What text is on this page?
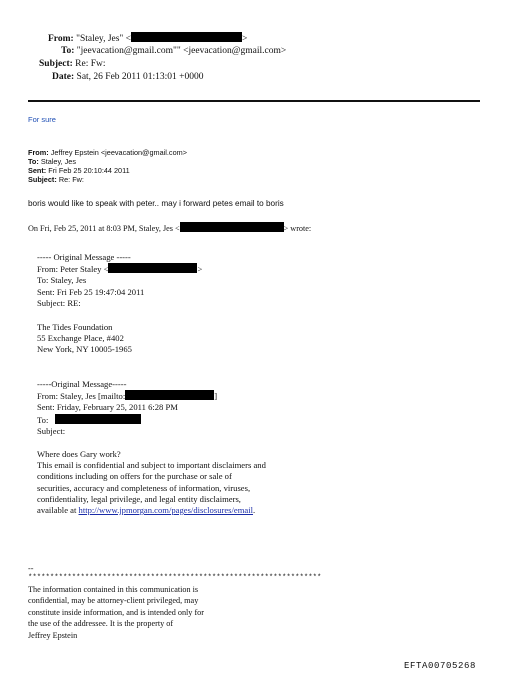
From: "Staley, Jes" <	>
To: "jeevacation@gmail.com"" <jeevacation@gmail.com>
Subject: Re: Fw:
Date: Sat, 26 Feb 2011 01:13:01 +0000
For sure
From: Jeffrey Epstein <jeevacation@gmail.com>
To: Staley, Jes
Sent: Fri Feb 25 20:10:44 2011
Subject: Re: Fw:
boris would like to speak with peter.. may i forward petes email to boris
On Fri, Feb 25, 2011 at 8:03 PM, Staley, Jes <	> wrote:
----- Original Message -----
From: Peter Staley <	>
To: Staley, Jes
Sent: Fri Feb 25 19:47:04 2011
Subject: RE:
The Tides Foundation
55 Exchange Place, #402
New York, NY 10005-1965
-----Original Message-----
From: Staley, Jes [mailto:	]
Sent: Friday, February 25, 2011 6:28 PM
To:
Subject:
Where does Gary work?
This email is confidential and subject to important disclaimers and
conditions including on offers for the purchase or sale of
securities, accuracy and completeness of information, viruses,
confidentiality, legal privilege, and legal entity disclaimers,
available at http://www.jpmorgan.com/pages/disclosures/email.
--
*******************************************************************
The information contained in this communication is
confidential, may be attorney-client privileged, may
constitute inside information, and is intended only for
the use of the addressee. It is the property of
Jeffrey Epstein
EFTA00705268
